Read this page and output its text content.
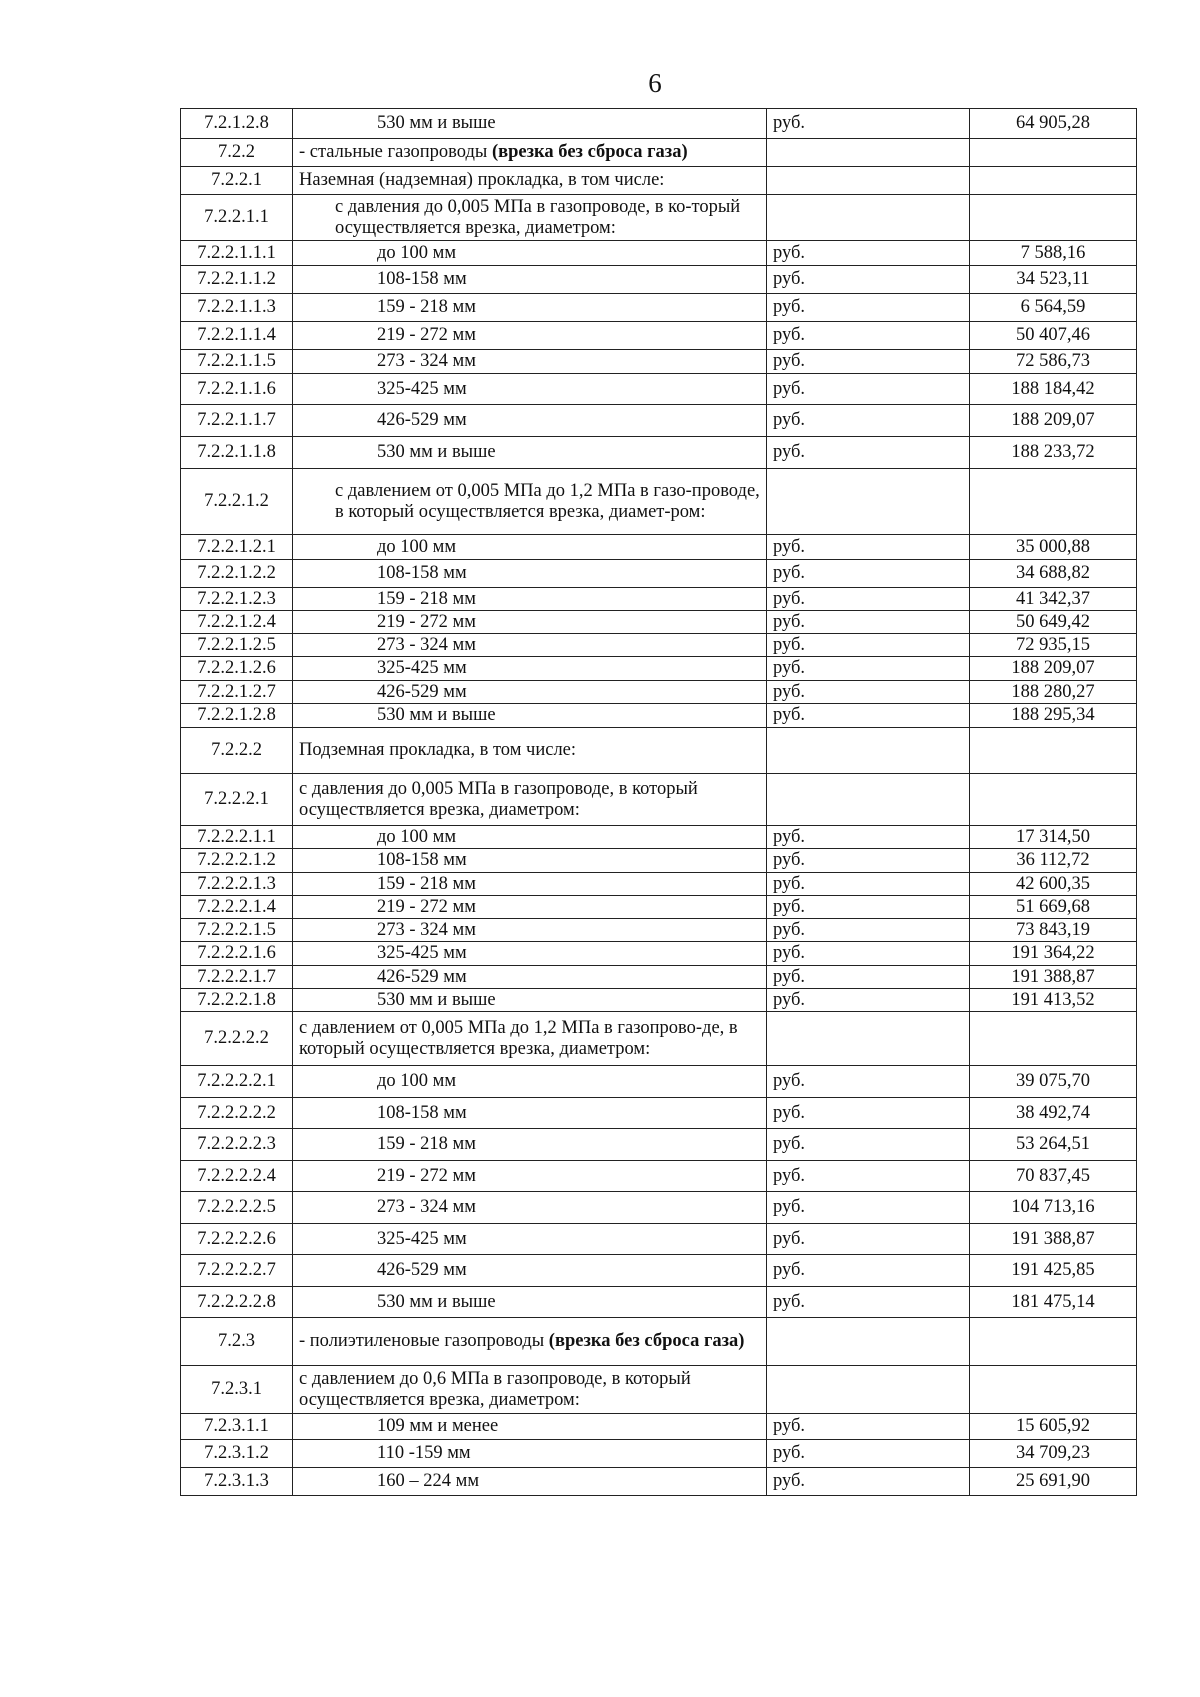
6
7.2.1.2.8	530 мм и выше	руб.	64 905,28
7.2.2	- стальные газопроводы (врезка без сброса газа)		
7.2.2.1	Наземная (надземная) прокладка, в том числе:		
7.2.2.1.1	с давления до 0,005 МПа в газопроводе, в ко-торый осуществляется врезка, диаметром:		
7.2.2.1.1.1	до 100 мм	руб.	7 588,16
7.2.2.1.1.2	108-158 мм	руб.	34 523,11
7.2.2.1.1.3	159 - 218 мм	руб.	6 564,59
7.2.2.1.1.4	219 - 272 мм	руб.	50 407,46
7.2.2.1.1.5	273 - 324 мм	руб.	72 586,73
7.2.2.1.1.6	325-425 мм	руб.	188 184,42
7.2.2.1.1.7	426-529 мм	руб.	188 209,07
7.2.2.1.1.8	530 мм и выше	руб.	188 233,72
7.2.2.1.2	с давлением от 0,005 МПа до 1,2 МПа в газо-проводе, в который осуществляется врезка, диамет-ром:		
7.2.2.1.2.1	до 100 мм	руб.	35 000,88
7.2.2.1.2.2	108-158 мм	руб.	34 688,82
7.2.2.1.2.3	159 - 218 мм	руб.	41 342,37
7.2.2.1.2.4	219 - 272 мм	руб.	50 649,42
7.2.2.1.2.5	273 - 324 мм	руб.	72 935,15
7.2.2.1.2.6	325-425 мм	руб.	188 209,07
7.2.2.1.2.7	426-529 мм	руб.	188 280,27
7.2.2.1.2.8	530 мм и выше	руб.	188 295,34
7.2.2.2	Подземная прокладка, в том числе:		
7.2.2.2.1	с давления до 0,005 МПа в газопроводе, в который осуществляется врезка, диаметром:		
7.2.2.2.1.1	до 100 мм	руб.	17 314,50
7.2.2.2.1.2	108-158 мм	руб.	36 112,72
7.2.2.2.1.3	159 - 218 мм	руб.	42 600,35
7.2.2.2.1.4	219 - 272 мм	руб.	51 669,68
7.2.2.2.1.5	273 - 324 мм	руб.	73 843,19
7.2.2.2.1.6	325-425 мм	руб.	191 364,22
7.2.2.2.1.7	426-529 мм	руб.	191 388,87
7.2.2.2.1.8	530 мм и выше	руб.	191 413,52
7.2.2.2.2	с давлением от 0,005 МПа до 1,2 МПа в газопрово-де, в который осуществляется врезка, диаметром:		
7.2.2.2.2.1	до 100 мм	руб.	39 075,70
7.2.2.2.2.2	108-158 мм	руб.	38 492,74
7.2.2.2.2.3	159 - 218 мм	руб.	53 264,51
7.2.2.2.2.4	219 - 272 мм	руб.	70 837,45
7.2.2.2.2.5	273 - 324 мм	руб.	104 713,16
7.2.2.2.2.6	325-425 мм	руб.	191 388,87
7.2.2.2.2.7	426-529 мм	руб.	191 425,85
7.2.2.2.2.8	530 мм и выше	руб.	181 475,14
7.2.3	- полиэтиленовые газопроводы (врезка без сброса газа)		
7.2.3.1	с давлением до 0,6 МПа в газопроводе, в который осуществляется врезка, диаметром:		
7.2.3.1.1	109 мм и менее	руб.	15 605,92
7.2.3.1.2	110 -159 мм	руб.	34 709,23
7.2.3.1.3	160 – 224 мм	руб.	25 691,90
